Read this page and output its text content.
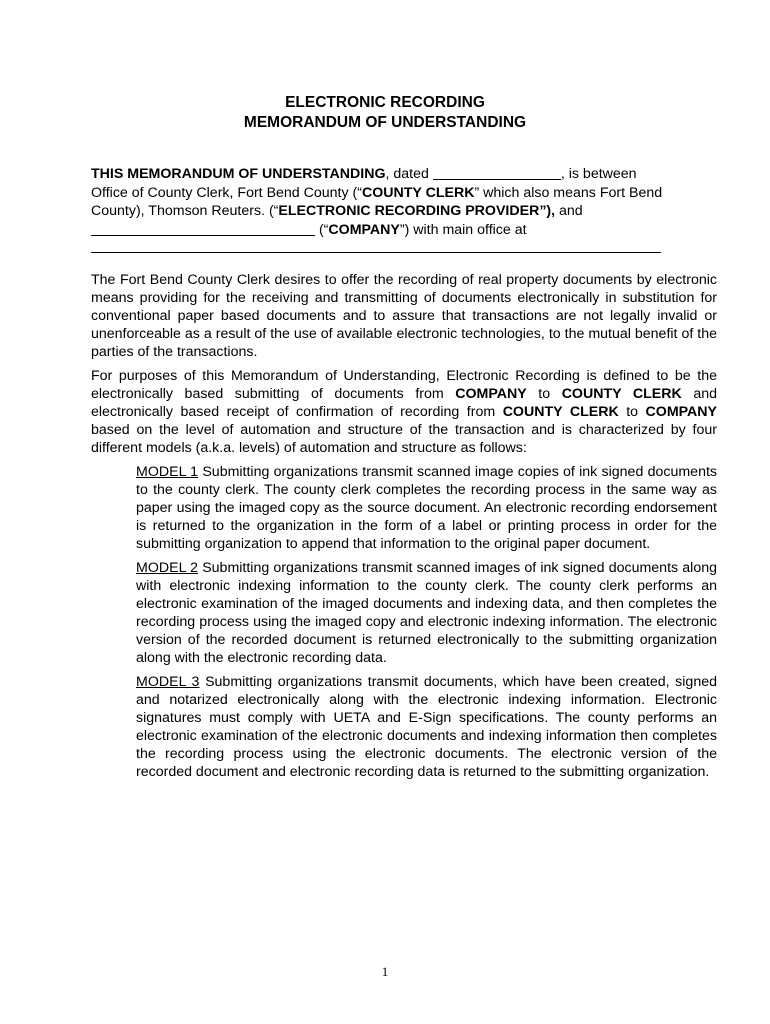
ELECTRONIC RECORDING
MEMORANDUM OF UNDERSTANDING
THIS MEMORANDUM OF UNDERSTANDING, dated	, is between
Office of County Clerk, Fort Bend County (“COUNTY CLERK” which also means Fort Bend
County), Thomson Reuters. (“ELECTRONIC RECORDING PROVIDER”), and
(“COMPANY”) with main office at

The Fort Bend County Clerk desires to offer the recording of real property documents by electronic means providing for the receiving and transmitting of documents electronically in substitution for conventional paper based documents and to assure that transactions are not legally invalid or unenforceable as a result of the use of available electronic technologies, to the mutual benefit of the parties of the transactions.

For purposes of this Memorandum of Understanding, Electronic Recording is defined to be the electronically based submitting of documents from COMPANY to COUNTY CLERK and electronically based receipt of confirmation of recording from COUNTY CLERK to COMPANY based on the level of automation and structure of the transaction and is characterized by four different models (a.k.a. levels) of automation and structure as follows:

MODEL 1 Submitting organizations transmit scanned image copies of ink signed documents to the county clerk. The county clerk completes the recording process in the same way as paper using the imaged copy as the source document. An electronic recording endorsement is returned to the organization in the form of a label or printing process in order for the submitting organization to append that information to the original paper document.

MODEL 2 Submitting organizations transmit scanned images of ink signed documents along with electronic indexing information to the county clerk. The county clerk performs an electronic examination of the imaged documents and indexing data, and then completes the recording process using the imaged copy and electronic indexing information. The electronic version of the recorded document is returned electronically to the submitting organization along with the electronic recording data.

MODEL 3 Submitting organizations transmit documents, which have been created, signed and notarized electronically along with the electronic indexing information. Electronic signatures must comply with UETA and E-Sign specifications. The county performs an electronic examination of the electronic documents and indexing information then completes the recording process using the electronic documents. The electronic version of the recorded document and electronic recording data is returned to the submitting organization.

1
